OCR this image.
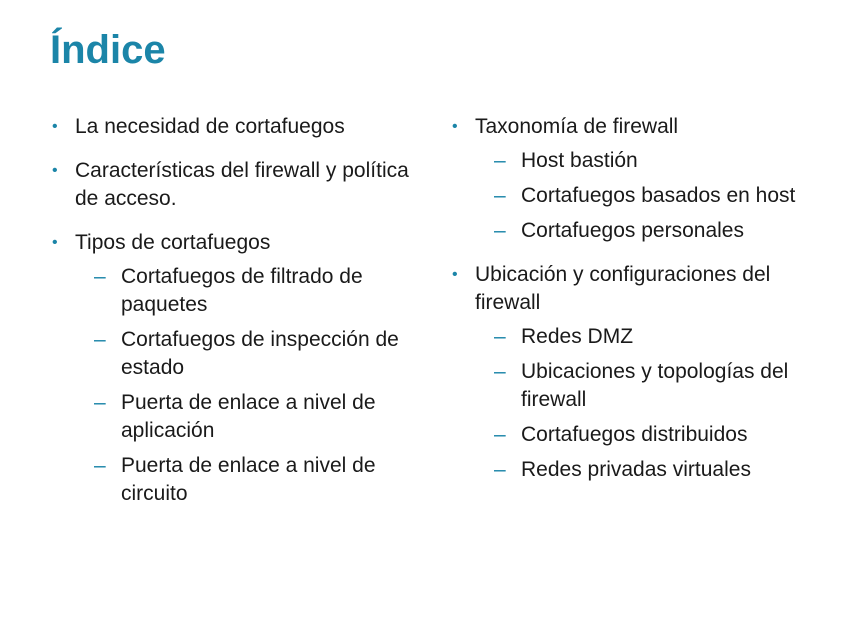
Índice
• La necesidad de cortafuegos
• Características del firewall y política de acceso.
• Tipos de cortafuegos
– Cortafuegos de filtrado de paquetes
– Cortafuegos de inspección de estado
– Puerta de enlace a nivel de aplicación
– Puerta de enlace a nivel de circuito
• Taxonomía de firewall
– Host bastión
– Cortafuegos basados en host
– Cortafuegos personales
• Ubicación y configuraciones del firewall
– Redes DMZ
– Ubicaciones y topologías del firewall
– Cortafuegos distribuidos
– Redes privadas virtuales
